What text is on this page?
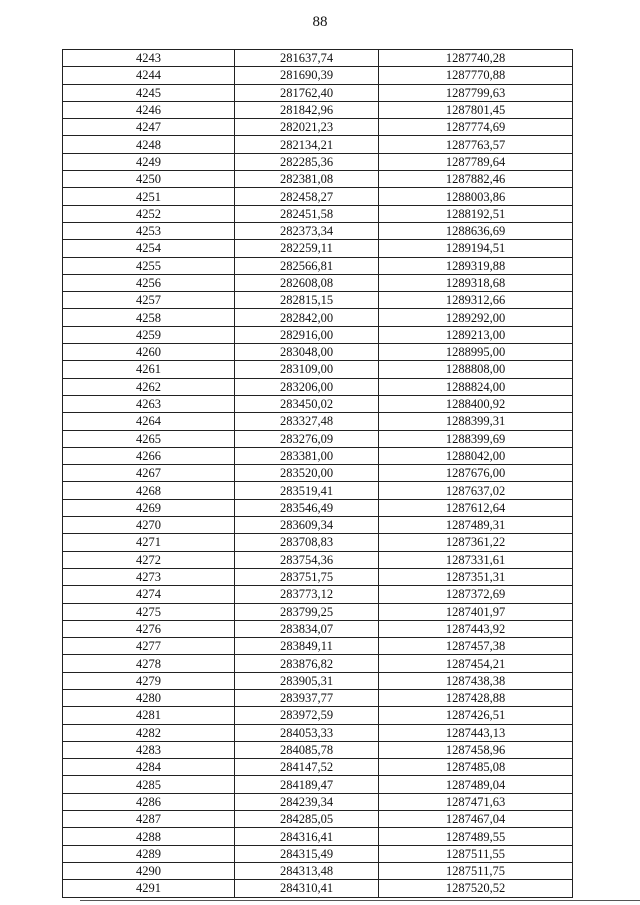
88
4243	281637,74	1287740,28
4244	281690,39	1287770,88
4245	281762,40	1287799,63
4246	281842,96	1287801,45
4247	282021,23	1287774,69
4248	282134,21	1287763,57
4249	282285,36	1287789,64
4250	282381,08	1287882,46
4251	282458,27	1288003,86
4252	282451,58	1288192,51
4253	282373,34	1288636,69
4254	282259,11	1289194,51
4255	282566,81	1289319,88
4256	282608,08	1289318,68
4257	282815,15	1289312,66
4258	282842,00	1289292,00
4259	282916,00	1289213,00
4260	283048,00	1288995,00
4261	283109,00	1288808,00
4262	283206,00	1288824,00
4263	283450,02	1288400,92
4264	283327,48	1288399,31
4265	283276,09	1288399,69
4266	283381,00	1288042,00
4267	283520,00	1287676,00
4268	283519,41	1287637,02
4269	283546,49	1287612,64
4270	283609,34	1287489,31
4271	283708,83	1287361,22
4272	283754,36	1287331,61
4273	283751,75	1287351,31
4274	283773,12	1287372,69
4275	283799,25	1287401,97
4276	283834,07	1287443,92
4277	283849,11	1287457,38
4278	283876,82	1287454,21
4279	283905,31	1287438,38
4280	283937,77	1287428,88
4281	283972,59	1287426,51
4282	284053,33	1287443,13
4283	284085,78	1287458,96
4284	284147,52	1287485,08
4285	284189,47	1287489,04
4286	284239,34	1287471,63
4287	284285,05	1287467,04
4288	284316,41	1287489,55
4289	284315,49	1287511,55
4290	284313,48	1287511,75
4291	284310,41	1287520,52
